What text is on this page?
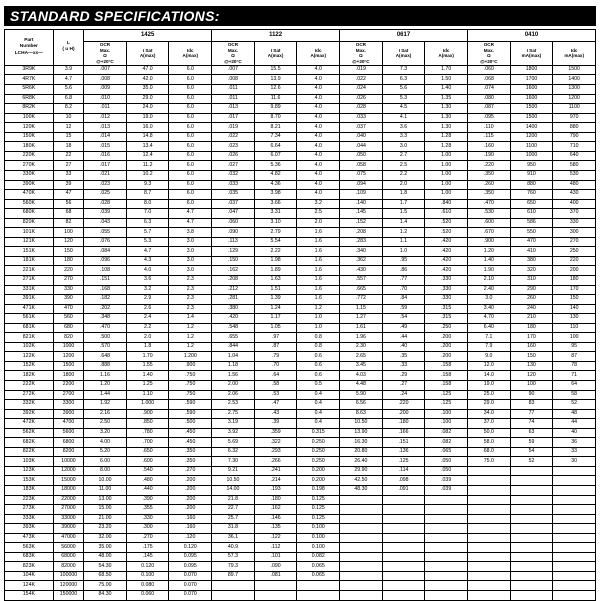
STANDARD SPECIFICATIONS:
Part
Number
LCHA—xx—

L
( u H)
	1425	1122	0617	0410
		OCR
Max.
Ω
@+20°C	I Sat
A(max)	Idc
A(max)	OCR
Max.
Ω
@+20°C	I Sat
A(max)	Idc
A(max)	OCR
Max.
Ω
@+20°C	I Sat
A(max)	Idc
A(max)	OCR
Max.
Ω
@+20°C	I Sat
mA(max)	Idc
mA(max)
3R9K	3.9	.007	47.0	6.0	.007	15.5	4.0	.019	7.3	1.70	.060	1800	1500
4R7K	4.7	.008	42.0	6.0	.008	13.9	4.0	.022	6.3	1.50	.068	1700	1400
5R6K	5.6	.009	35.0	6.0	.011	12.6	4.0	.024	5.6	1.40	.074	1600	1300
6R8K	6.8	.010	29.0	6.0	.011	11.6	4.0	.026	5.3	1.35	.080	1600	1200
8R2K	8.2	.011	24.0	6.0	.013	9.89	4.0	.028	4.5	1.30	.087	1500	1100
100K	10	.012	19.0	6.0	.017	8.70	4.0	.033	4.1	1.30	.095	1500	970
120K	12	.013	16.0	6.0	.019	8.21	4.0	.037	3.6	1.30	.110	1400	880
150K	15	.014	14.8	6.0	.022	7.34	4.0	.040	3.3	1.28	.115	1200	790
180K	18	.015	13.4	6.0	.023	6.64	4.0	.044	3.0	1.28	.160	1100	710
220K	22	.016	12.4	6.0	.026	6.07	4.0	.050	2.7	1.00	.190	1000	640
270K	27	.017	11.2	6.0	.027	5.36	4.0	.058	2.5	1.00	.220	950	580
330K	33	.021	10.2	6.0	.032	4.82	4.0	.075	2.2	1.00	.350	910	530
390K	39	.023	9.3	6.0	.033	4.36	4.0	.094	2.0	1.00	.260	880	480
470K	47	.025	8.7	6.0	.035	3.98	4.0	.109	1.8	1.00	.350	760	430
560K	56	.028	8.0	6.0	.037	3.66	3.2	.140	1.7	.840	.470	650	400
680K	68	.039	7.0	4.7	.047	3.31	2.5	.145	1.5	.610	.530	610	370
820K	82	.043	6.3	4.7	.060	3.10	2.0	.152	1.4	.520	.600	586	330
101K	100	.055	5.7	3.8	.090	2.79	1.6	.208	1.2	.520	.670	550	300
121K	120	.076	5.3	3.0	.113	5.54	1.6	.283	1.1	.420	.900	470	270
151K	150	.084	4.7	3.0	.129	2.22	1.6	.340	1.0	.420	1.20	410	250
181K	180	.096	4.3	3.0	.150	1.98	1.6	.362	.95	.420	1.40	380	220
221K	220	.108	4.0	3.0	.162	1.89	1.6	.430	.86	.420	1.90	320	200
271K	270	.151	3.6	2.3	.208	1.63	1.6	.557	.77	.330	2.10	310	180
331K	330	.168	3.2	2.3	.212	1.51	1.6	.665	.70	.330	2.40	290	170
391K	390	.182	2.9	2.3	.281	1.39	1.6	.772	.84	.330	3.0	260	150
471K	470	.202	2.6	2.3	.380	1.24	1.2	1.15	.59	.315	3.40	240	140
561K	560	.348	2.4	1.4	.420	1.17	1.0	1.27	.54	.315	4.70	210	130
681K	680	.470	2.2	1.2	.548	1.05	1.0	1.61	.49	.250	6.40	180	110
821K	820	.500	2.0	1.2	.655	.97	0.8	1.96	.44	.200	7.1	170	100
102K	1000	.570	1.8	1.2	.844	.87	0.8	2.30	.40	.200	7.9	160	95
122K	1200	.648	1.70	1.200	1.04	.79	0.6	2.65	.35	.200	9.0	150	87
152K	1500	.888	1.55	.900	1.18	.70	0.6	3.45	.33	.158	12.0	130	78
182K	1800	1.16	1.40	.750	1.56	.64	0.6	4.03	.29	.158	14.0	120	71
222K	2200	1.20	1.25	.750	2.00	.58	0.5	4.48	.27	.158	19.0	100	64
272K	2700	1.44	1.10	.750	2.06	.53	0.4	5.90	.24	.125	25.0	90	58
332K	3300	1.92	1.000	.590	2.53	.47	0.4	6.56	.220	.125	29.0	83	52
392K	3900	2.16	.900	.590	2.75	.43	0.4	8.63	.200	.100	34.0	77	48
472K	4700	2.50	.850	.500	3.19	.39	0.4	10.50	.180	.100	37.0	74	44
562K	5600	3.20	.780	.450	3.92	.359	0.315	13.90	.166	.082	50.0	63	40
682K	6800	4.00	.700	.450	5.69	.322	0.250	16.30	.151	.082	58.0	59	36
822K	8200	5.20	.650	.350	6.32	.293	0.250	20.80	.136	.065	68.0	54	33
103K	10000	6.00	.600	.350	7.30	.266	0.250	26.40	.125	.050	75.0	52	30
123K	12000	8.00	.540	.270	9.21	.241	0.200	29.90	.114	.050			
153K	15000	10.00	.480	.200	10.50	.214	0.200	42.50	.098	.039			
183K	18000	11.00	.440	.200	14.00	.193	0.198	48.30	.091	.039			
223K	22000	13.00	.390	.200	21.8	.180	0.125						
273K	27000	15.00	.355	.200	22.7	.162	0.125						
333K	33000	21.00	.330	.160	25.7	.146	0.125						
393K	39000	23.20	.300	.160	31.8	.135	0.100						
473K	47000	32.00	.270	.120	36.1	.122	0.100						
563K	56000	35.00	.175	0.120	40.9	.112	0.100						
683K	68000	48.00	.145	0.095	57.3	.101	0.082						
823K	82000	54.30	0.120	0.095	79.3	.090	0.065						
104K	100000	68.50	0.100	0.070	89.7	.081	0.065						
124K	120000	75.00	0.080	0.070									
154K	150000	84.30	0.060	0.070									
